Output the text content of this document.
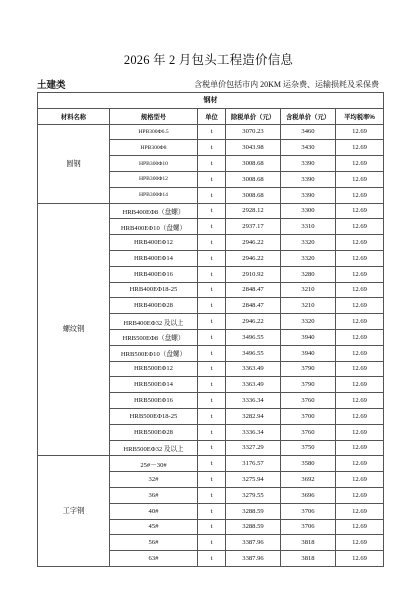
2026 年 2 月包头工程造价信息
土建类	含税单价包括市内 20KM 运杂费、运输损耗及采保费
钢材					
材料名称	规格型号	单位	除税单价（元）	含税单价（元）	平均税率%
圆钢	HPB300Φ6.5	t	3070.23	3460	12.69
	HPB300Φ8	t	3043.98	3430	12.69
	HPB300Φ10	t	3008.68	3390	12.69
	HPB300Φ12	t	3008.68	3390	12.69
	HPB300Φ14	t	3008.68	3390	12.69
螺纹钢	HRB400EΦ8（盘螺）	t	2928.12	3300	12.69
	HRB400EΦ10（盘螺）	t	2937.17	3310	12.69
	HRB400EΦ12	t	2946.22	3320	12.69
	HRB400EΦ14	t	2946.22	3320	12.69
	HRB400EΦ16	t	2910.92	3280	12.69
	HRB400EΦ18-25	t	2848.47	3210	12.69
	HRB400EΦ28	t	2848.47	3210	12.69
	HRB400EΦ32 及以上	t	2946.22	3320	12.69
	HRB500EΦ8（盘螺）	t	3496.55	3940	12.69
	HRB500EΦ10（盘螺）	t	3496.55	3940	12.69
	HRB500EΦ12	t	3363.49	3790	12.69
	HRB500EΦ14	t	3363.49	3790	12.69
	HRB500EΦ16	t	3336.34	3760	12.69
	HRB500EΦ18-25	t	3282.94	3700	12.69
	HRB500EΦ28	t	3336.34	3760	12.69
	HRB500EΦ32 及以上	t	3327.29	3750	12.69
工字钢	25#－30#	t	3176.57	3580	12.69
	32#	t	3275.94	3692	12.69
	36#	t	3279.55	3696	12.69
	40#	t	3288.59	3706	12.69
	45#	t	3288.59	3706	12.69
	56#	t	3387.96	3818	12.69
	63#	t	3387.96	3818	12.69
